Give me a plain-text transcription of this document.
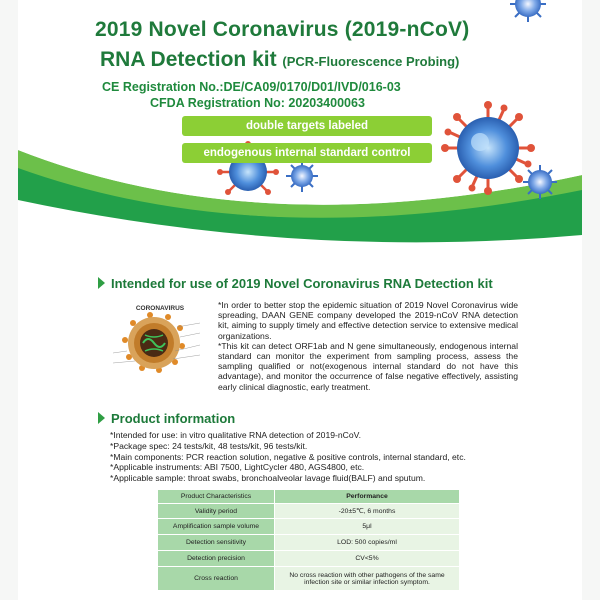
2019 Novel Coronavirus (2019-nCoV)
RNA Detection kit (PCR-Fluorescence Probing)
CE Registration No.:DE/CA09/0170/D01/IVD/016-03
CFDA Registration No: 20203400063
double targets labeled
endogenous internal standard control
Intended for use of 2019 Novel Coronavirus RNA Detection kit
CORONAVIRUS	*In order to better stop the epidemic situation of 2019 Novel Coronavirus wide spreading, DAAN GENE company developed the 2019-nCoV RNA detection kit, aiming to supply timely and effective detection service to extensive medical organizations.

*This kit can detect ORF1ab and N gene simultaneously, endogenous internal standard can monitor the experiment from sampling process, assess the sampling qualified or not(exogenous internal standard do not have this advantage), and monitor the occurrence of false negative effectively, assisting early clinical diagnostic, early treatment.

Product information
*Intended for use: in vitro qualitative RNA detection of 2019-nCoV.
*Package spec: 24 tests/kit, 48 tests/kit, 96 tests/kit.
*Main components: PCR reaction solution, negative & positive controls, internal standard, etc.
*Applicable instruments: ABI 7500, LightCycler 480, AGS4800, etc.
*Applicable sample: throat swabs, bronchoalveolar lavage fluid(BALF) and sputum.
Product Characteristics	Performance
Validity period	-20±5℃, 6 months
Amplification sample volume	5μl
Detection sensitivity	LOD: 500 copies/ml
Detection precision	CV<5%
Cross reaction	No cross reaction with other pathogens of the same infection site or similar infection symptom.
